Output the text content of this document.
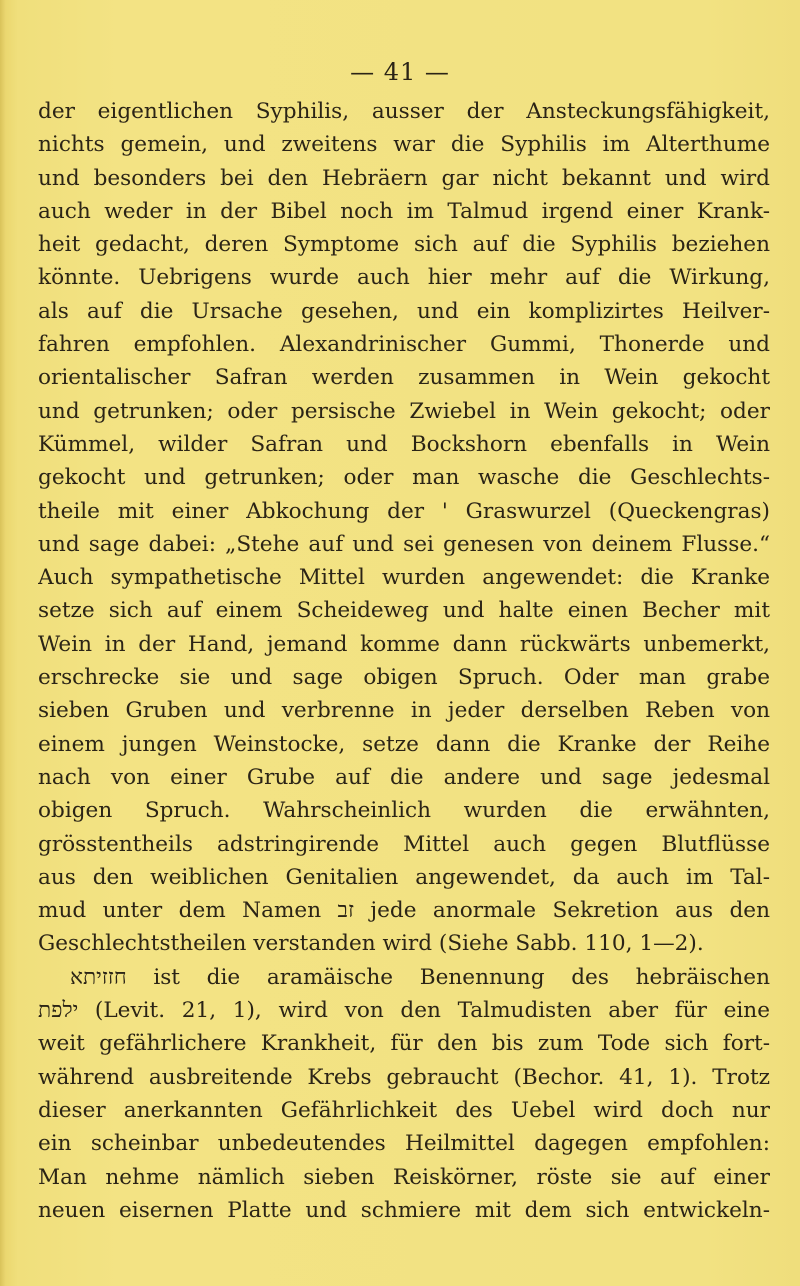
— 41 —
der eigentlichen Syphilis, ausser der Ansteckungsfähigkeit,
nichts gemein, und zweitens war die Syphilis im Alterthume
und besonders bei den Hebräern gar nicht bekannt und wird
auch weder in der Bibel noch im Talmud irgend einer Krank-
heit gedacht, deren Symptome sich auf die Syphilis beziehen
könnte. Uebrigens wurde auch hier mehr auf die Wirkung,
als auf die Ursache gesehen, und ein komplizirtes Heilver-
fahren empfohlen. Alexandrinischer Gummi, Thonerde und
orientalischer Safran werden zusammen in Wein gekocht
und getrunken; oder persische Zwiebel in Wein gekocht; oder
Kümmel, wilder Safran und Bockshorn ebenfalls in Wein
gekocht und getrunken; oder man wasche die Geschlechts-
theile mit einer Abkochung der ' Graswurzel (Queckengras)
und sage dabei: „Stehe auf und sei genesen von deinem Flusse.“
Auch sympathetische Mittel wurden angewendet: die Kranke
setze sich auf einem Scheideweg und halte einen Becher mit
Wein in der Hand, jemand komme dann rückwärts unbemerkt,
erschrecke sie und sage obigen Spruch. Oder man grabe
sieben Gruben und verbrenne in jeder derselben Reben von
einem jungen Weinstocke, setze dann die Kranke der Reihe
nach von einer Grube auf die andere und sage jedesmal
obigen Spruch. Wahrscheinlich wurden die erwähnten,
grösstentheils adstringirende Mittel auch gegen Blutflüsse
aus den weiblichen Genitalien angewendet, da auch im Tal-
mud unter dem Namen זב jede anormale Sekretion aus den
Geschlechtstheilen verstanden wird (Siehe Sabb. 110, 1—2).
חזזיתא ist die aramäische Benennung des hebräischen
ילפת (Levit. 21, 1), wird von den Talmudisten aber für eine
weit gefährlichere Krankheit, für den bis zum Tode sich fort-
während ausbreitende Krebs gebraucht (Bechor. 41, 1). Trotz
dieser anerkannten Gefährlichkeit des Uebel wird doch nur
ein scheinbar unbedeutendes Heilmittel dagegen empfohlen:
Man nehme nämlich sieben Reiskörner, röste sie auf einer
neuen eisernen Platte und schmiere mit dem sich entwickeln-
